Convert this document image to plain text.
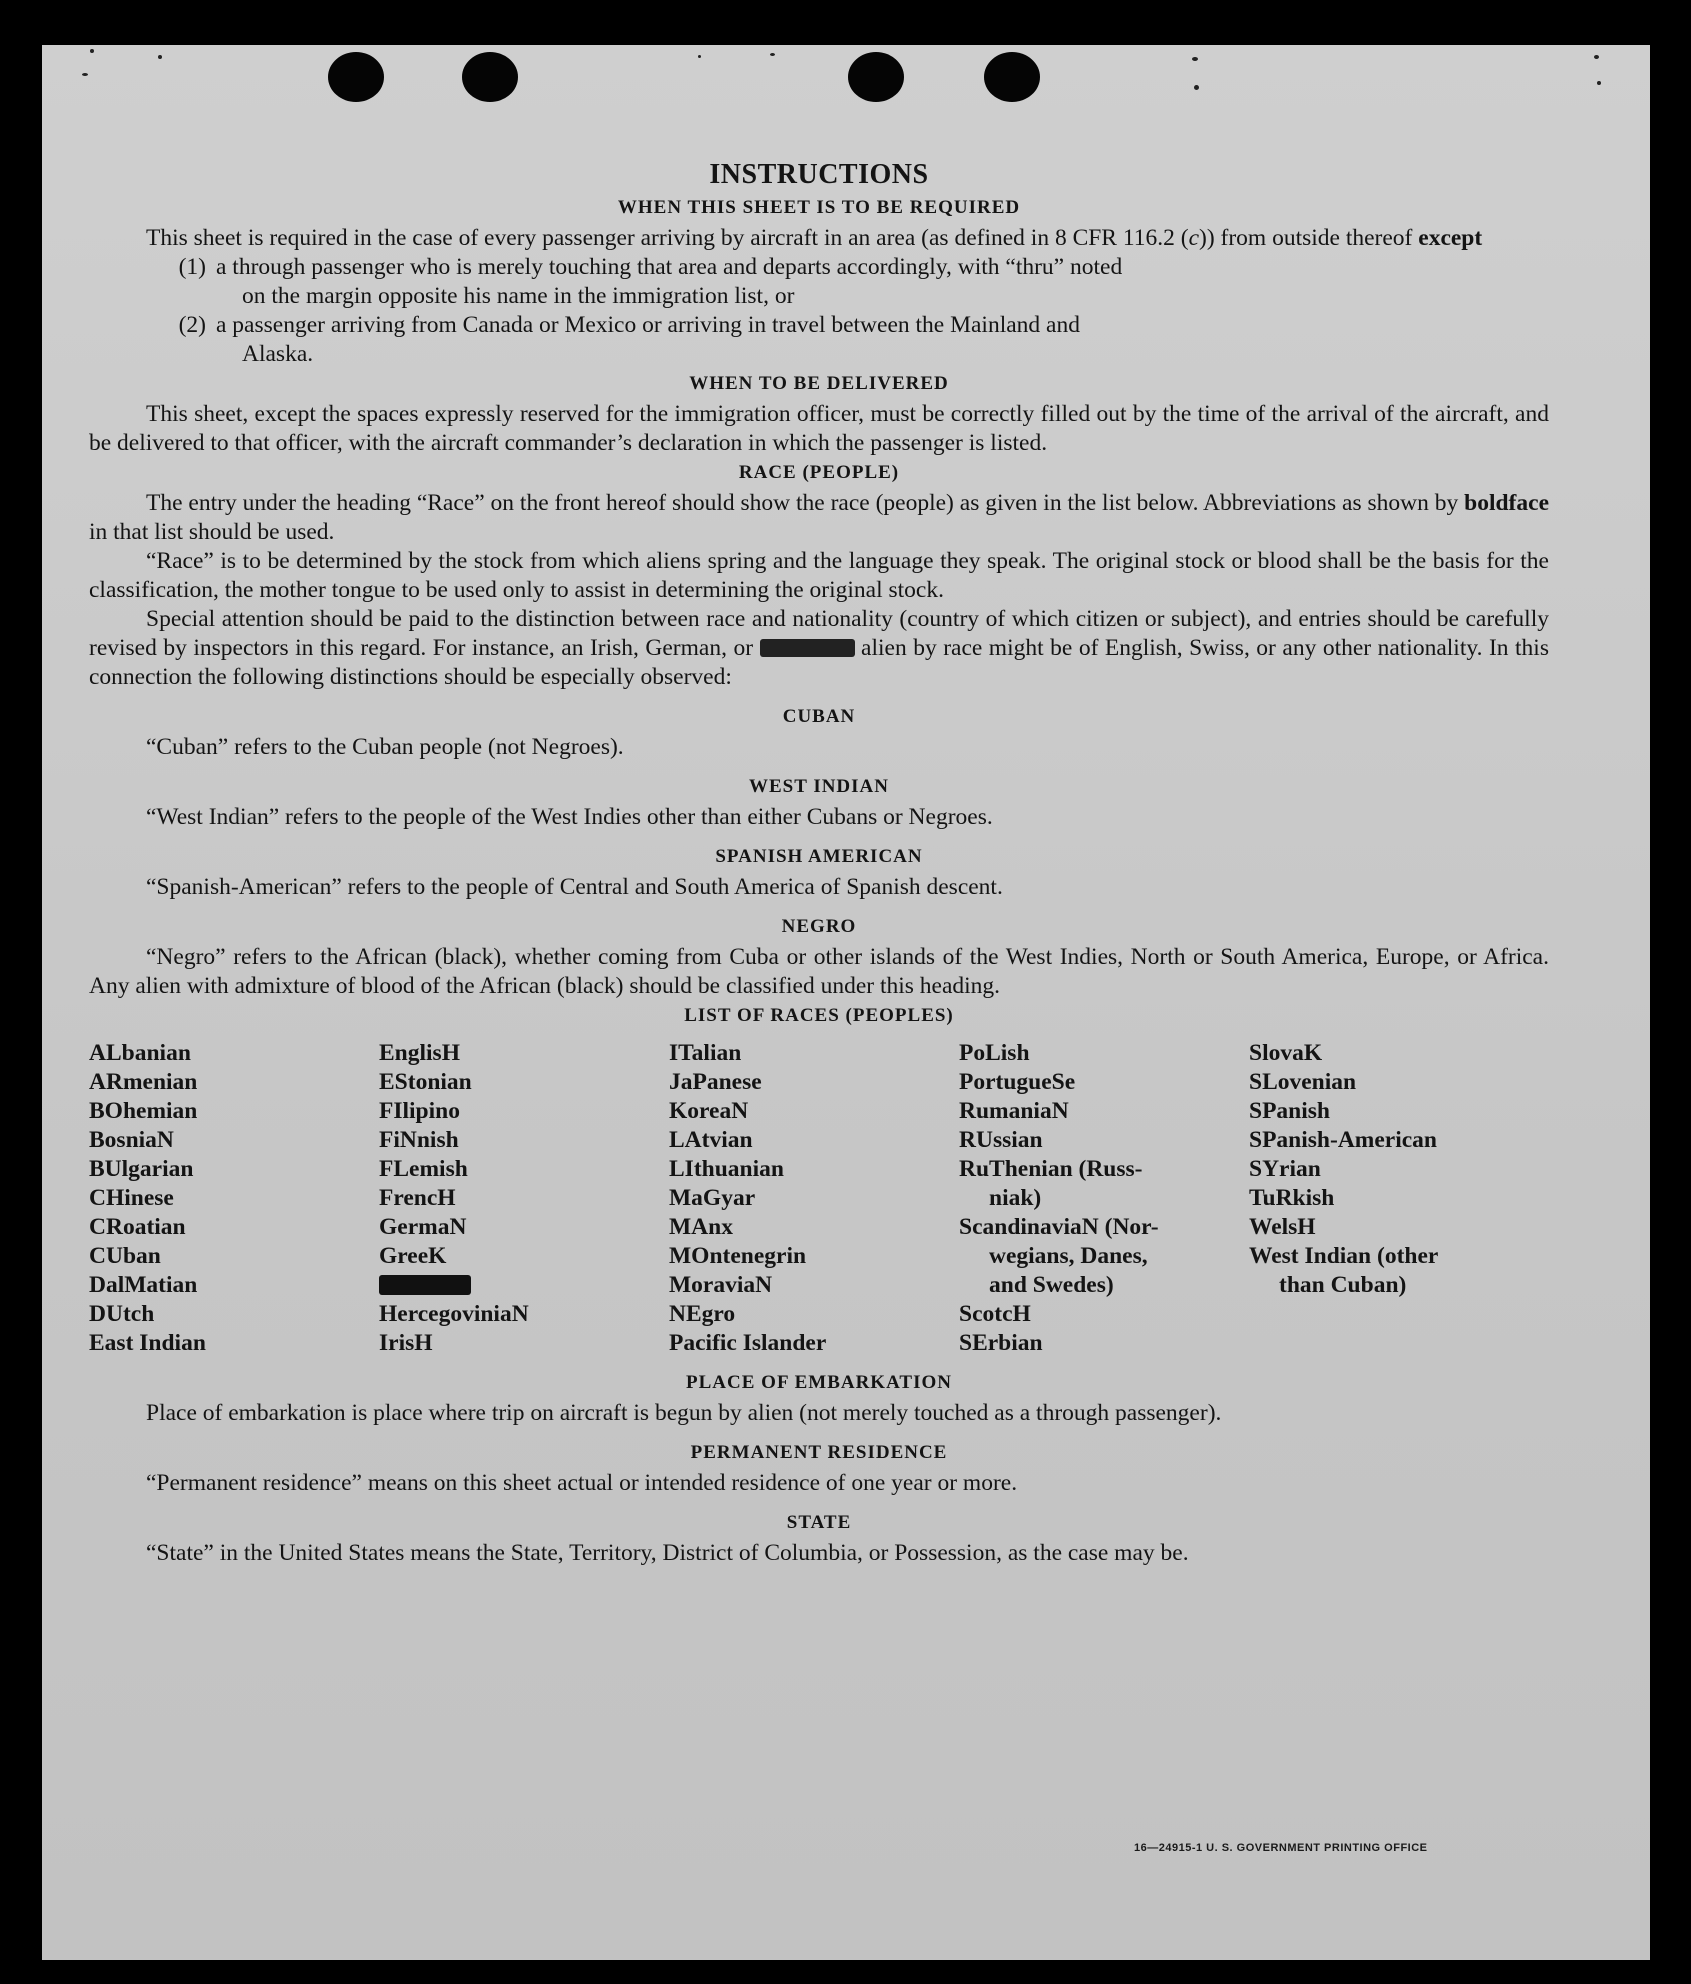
INSTRUCTIONS
WHEN THIS SHEET IS TO BE REQUIRED

This sheet is required in the case of every passenger arriving by aircraft in an area (as defined in 8 CFR 116.2 (c)) from outside thereof except

(1) a through passenger who is merely touching that area and departs accordingly, with “thru” noted
on the margin opposite his name in the immigration list, or
(2) a passenger arriving from Canada or Mexico or arriving in travel between the Mainland and
Alaska.
WHEN TO BE DELIVERED

This sheet, except the spaces expressly reserved for the immigration officer, must be correctly filled out by the time of the arrival of the aircraft, and be delivered to that officer, with the aircraft commander’s declaration in which the passenger is listed.

RACE (PEOPLE)

The entry under the heading “Race” on the front hereof should show the race (people) as given in the list below. Abbreviations as shown by boldface in that list should be used.

“Race” is to be determined by the stock from which aliens spring and the language they speak. The original stock or blood shall be the basis for the classification, the mother tongue to be used only to assist in determining the original stock.

Special attention should be paid to the distinction between race and nationality (country of which citizen or subject), and entries should be carefully revised by inspectors in this regard. For instance, an Irish, German, or	alien by race might be of English, Swiss, or any other nationality. In this connection the following distinctions should be especially observed:

CUBAN

“Cuban” refers to the Cuban people (not Negroes).

WEST INDIAN

“West Indian” refers to the people of the West Indies other than either Cubans or Negroes.

SPANISH AMERICAN

“Spanish-American” refers to the people of Central and South America of Spanish descent.

NEGRO

“Negro” refers to the African (black), whether coming from Cuba or other islands of the West Indies, North or South America, Europe, or Africa. Any alien with admixture of blood of the African (black) should be classified under this heading.

LIST OF RACES (PEOPLES)
ALbanian
ARmenian
BOhemian
BosniaN
BUlgarian
CHinese
CRoatian
CUban
DalMatian
DUtch
East Indian
EnglisH
EStonian
FIlipino
FiNnish
FLemish
FrencH
GermaN
GreeK
HercegoviniaN
IrisH
ITalian
JaPanese
KoreaN
LAtvian
LIthuanian
MaGyar
MAnx
MOntenegrin
MoraviaN
NEgro
Pacific Islander
PoLish
PortugueSe
RumaniaN
RUssian
RuThenian (Russ-
niak)
ScandinaviaN (Nor-
wegians, Danes,
and Swedes)
ScotcH
SErbian
SlovaK
SLovenian
SPanish
SPanish-American
SYrian
TuRkish
WelsH
West Indian (other
than Cuban)
PLACE OF EMBARKATION

Place of embarkation is place where trip on aircraft is begun by alien (not merely touched as a through passenger).

PERMANENT RESIDENCE

“Permanent residence” means on this sheet actual or intended residence of one year or more.

STATE

“State” in the United States means the State, Territory, District of Columbia, or Possession, as the case may be.

16—24915-1 U. S. GOVERNMENT PRINTING OFFICE
